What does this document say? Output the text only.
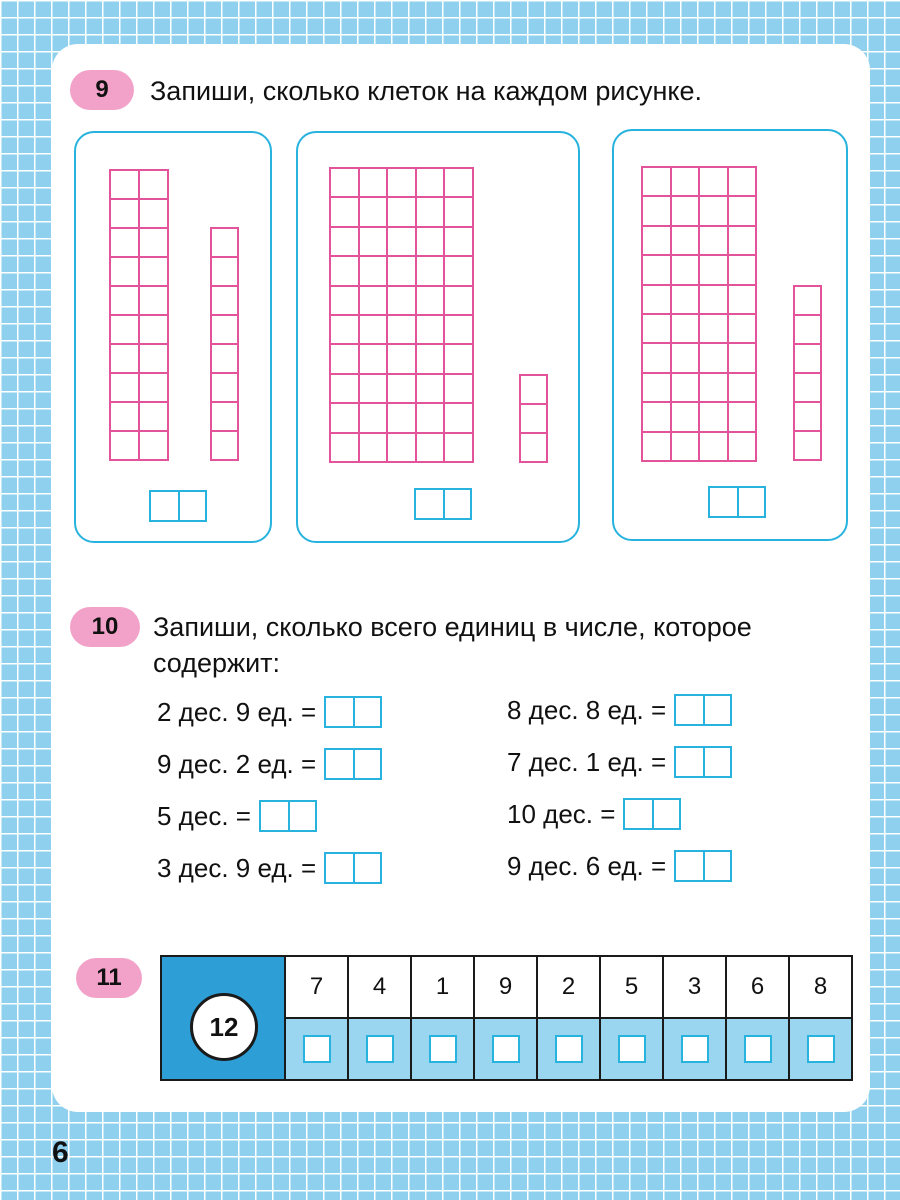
9 Запиши, сколько клеток на каждом рисунке.
10 Запиши, сколько всего единиц в числе, которое
содержит:
2 дес. 9 ед. =
9 дес. 2 ед. =
5 дес. =
3 дес. 9 ед. =
8 дес. 8 ед. =
7 дес. 1 ед. =
10 дес. =
9 дес. 6 ед. =
11
		7	4	1	9	2	5	3	6	8

12
6
